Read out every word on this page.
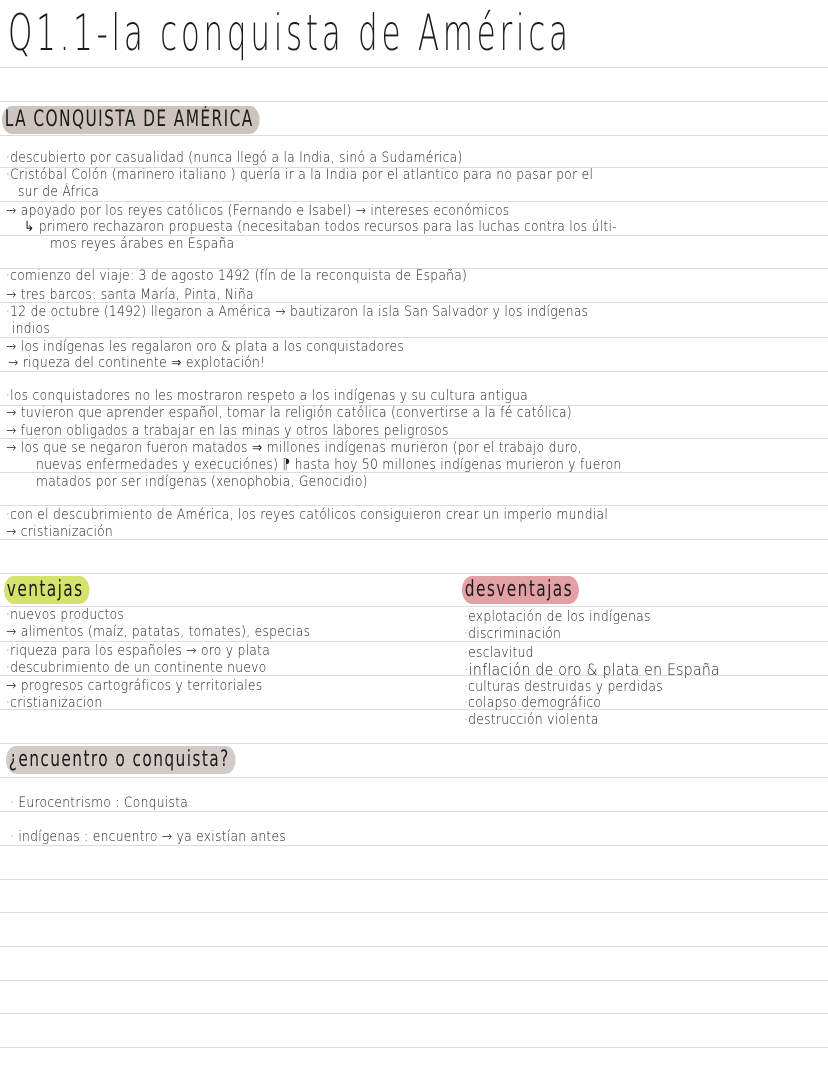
Q1.1-la conquista de América
LA CONQUISTA DE AMÉRICA
·descubierto por casualidad (nunca llegó a la India, sinó a Sudamérica)
·Cristóbal Colón (marinero italiano ) quería ir a la India por el atlantico para no pasar por el
sur de África
→ apoyado por los reyes católicos (Fernando e Isabel) → intereses económicos
↳ primero rechazaron propuesta (necesitaban todos recursos para las luchas contra los últi-
mos reyes árabes en España
·comienzo del viaje: 3 de agosto 1492 (fín de la reconquista de España)
→ tres barcos: santa María, Pinta, Niña
·12 de octubre (1492) llegaron a América → bautizaron la isla San Salvador y los indígenas
indios
→ los indígenas les regalaron oro & plata a los conquistadores
→ riqueza del continente ⇒ explotación!
·los conquistadores no les mostraron respeto a los indígenas y su cultura antigua
→ tuvieron que aprender español, tomar la religión católica (convertirse a la fé católica)
→ fueron obligados a trabajar en las minas y otros labores peligrosos
→ los que se negaron fueron matados ⇒ millones indígenas murieron (por el trabajo duro,
nuevas enfermedades y execuciónes) ⁋ hasta hoy 50 millones indígenas murieron y fueron
matados por ser indígenas (xenophobia, Genocidio)
·con el descubrimiento de América, los reyes católicos consiguieron crear un imperio mundial
→ cristianización
ventajas
·nuevos productos
→ alimentos (maíz, patatas, tomates), especias
·riqueza para los españoles → oro y plata
·descubrimiento de un continente nuevo
→ progresos cartográficos y territoriales
·cristianizacion
desventajas
·explotación de los indígenas
·discriminación
·esclavitud
·inflación de oro & plata en España
·culturas destruidas y perdidas
·colapso demográfico
·destrucción violenta
¿encuentro o conquista?
· Eurocentrismo : Conquista
· indígenas : encuentro → ya existían antes
